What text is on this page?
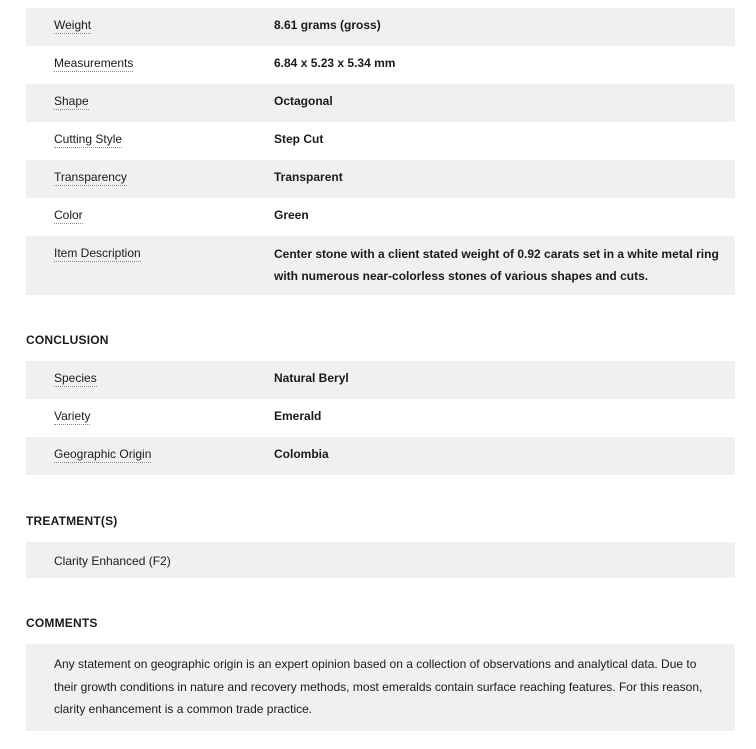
Weight	8.61 grams (gross)
Measurements	6.84 x 5.23 x 5.34 mm
Shape	Octagonal
Cutting Style	Step Cut
Transparency	Transparent
Color	Green
Item Description	Center stone with a client stated weight of 0.92 carats set in a white metal ring with numerous near-colorless stones of various shapes and cuts.
CONCLUSION
Species	Natural Beryl
Variety	Emerald
Geographic Origin	Colombia
TREATMENT(S)

Clarity Enhanced (F2)

COMMENTS

Any statement on geographic origin is an expert opinion based on a collection of observations and analytical data. Due to their growth conditions in nature and recovery methods, most emeralds contain surface reaching features. For this reason, clarity enhancement is a common trade practice.
